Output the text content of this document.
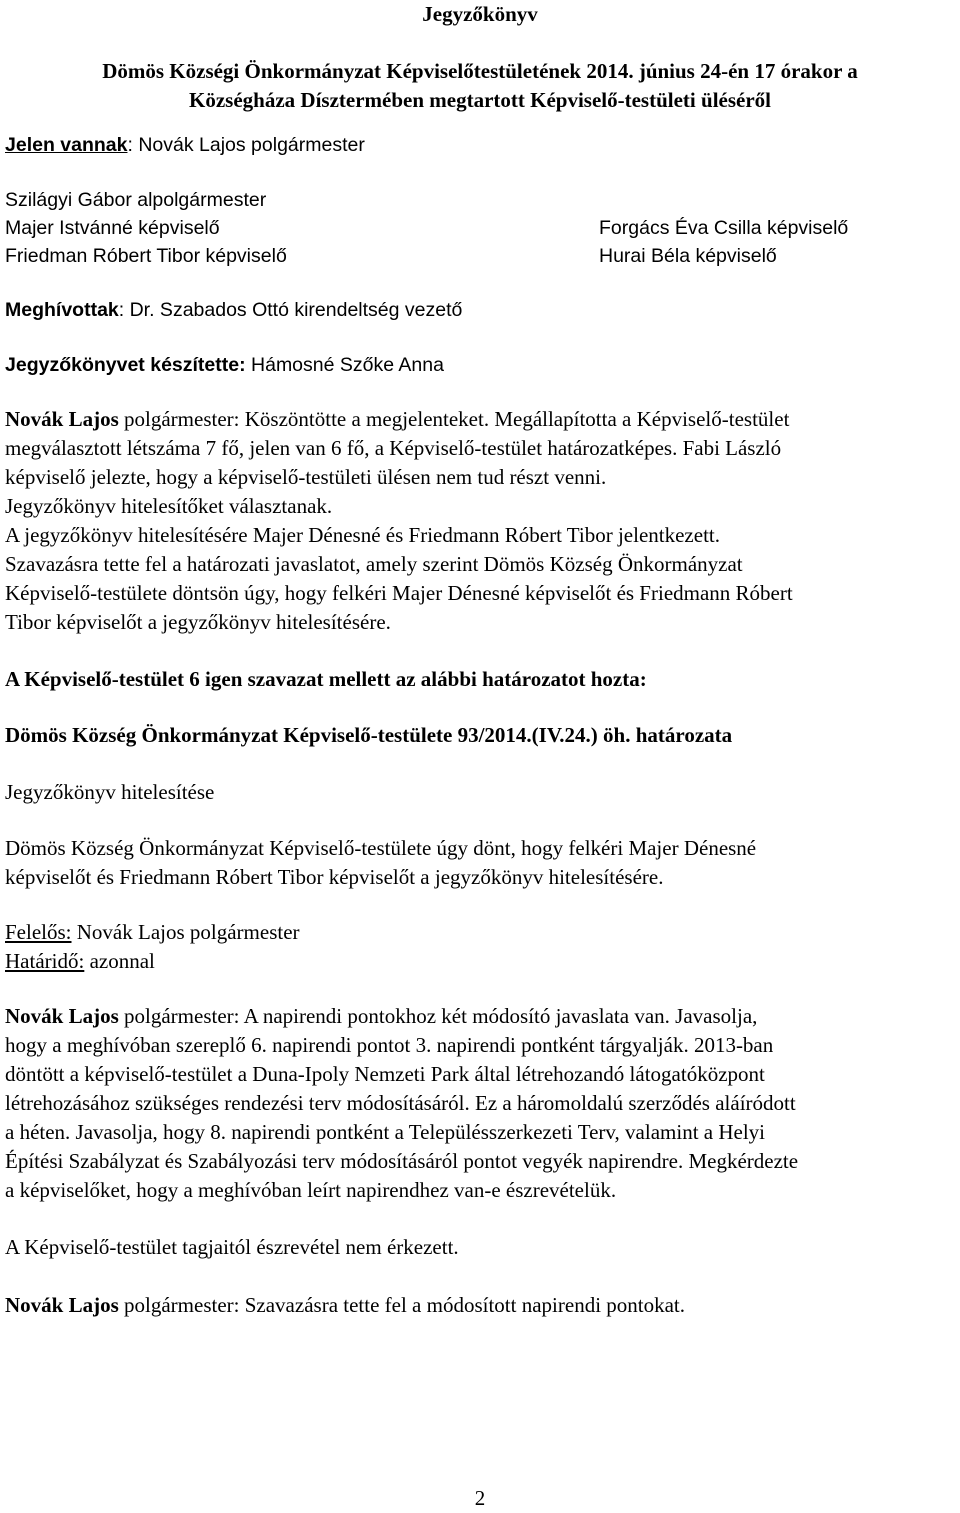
Jegyzőkönyv
Dömös Községi Önkormányzat Képviselőtestületének 2014. június 24-én 17 órakor a
Községháza Dísztermében megtartott Képviselő-testületi üléséről
Jelen vannak: Novák Lajos polgármester
Szilágyi Gábor alpolgármester
Majer Istvánné képviselő
Friedman Róbert Tibor képviselő
Forgács Éva Csilla képviselő
Hurai Béla képviselő
Meghívottak: Dr. Szabados Ottó kirendeltség vezető
Jegyzőkönyvet készítette: Hámosné Szőke Anna
Novák Lajos polgármester: Köszöntötte a megjelenteket. Megállapította a Képviselő-testület
megválasztott létszáma 7 fő, jelen van 6 fő, a Képviselő-testület határozatképes. Fabi László
képviselő jelezte, hogy a képviselő-testületi ülésen nem tud részt venni.
Jegyzőkönyv hitelesítőket választanak.
A jegyzőkönyv hitelesítésére Majer Dénesné és Friedmann Róbert Tibor jelentkezett.
Szavazásra tette fel a határozati javaslatot, amely szerint Dömös Község Önkormányzat
Képviselő-testülete döntsön úgy, hogy felkéri Majer Dénesné képviselőt és Friedmann Róbert
Tibor képviselőt a jegyzőkönyv hitelesítésére.
A Képviselő-testület 6 igen szavazat mellett az alábbi határozatot hozta:
Dömös Község Önkormányzat Képviselő-testülete 93/2014.(IV.24.) öh. határozata
Jegyzőkönyv hitelesítése
Dömös Község Önkormányzat Képviselő-testülete úgy dönt, hogy felkéri Majer Dénesné
képviselőt és Friedmann Róbert Tibor képviselőt a jegyzőkönyv hitelesítésére.
Felelős: Novák Lajos polgármester
Határidő: azonnal
Novák Lajos polgármester: A napirendi pontokhoz két módosító javaslata van. Javasolja,
hogy a meghívóban szereplő 6. napirendi pontot 3. napirendi pontként tárgyalják. 2013-ban
döntött a képviselő-testület a Duna-Ipoly Nemzeti Park által létrehozandó látogatóközpont
létrehozásához szükséges rendezési terv módosításáról. Ez a háromoldalú szerződés aláíródott
a héten. Javasolja, hogy 8. napirendi pontként a Településszerkezeti Terv, valamint a Helyi
Építési Szabályzat és Szabályozási terv módosításáról pontot vegyék napirendre. Megkérdezte
a képviselőket, hogy a meghívóban leírt napirendhez van-e észrevételük.
A Képviselő-testület tagjaitól észrevétel nem érkezett.
Novák Lajos polgármester: Szavazásra tette fel a módosított napirendi pontokat.
2
